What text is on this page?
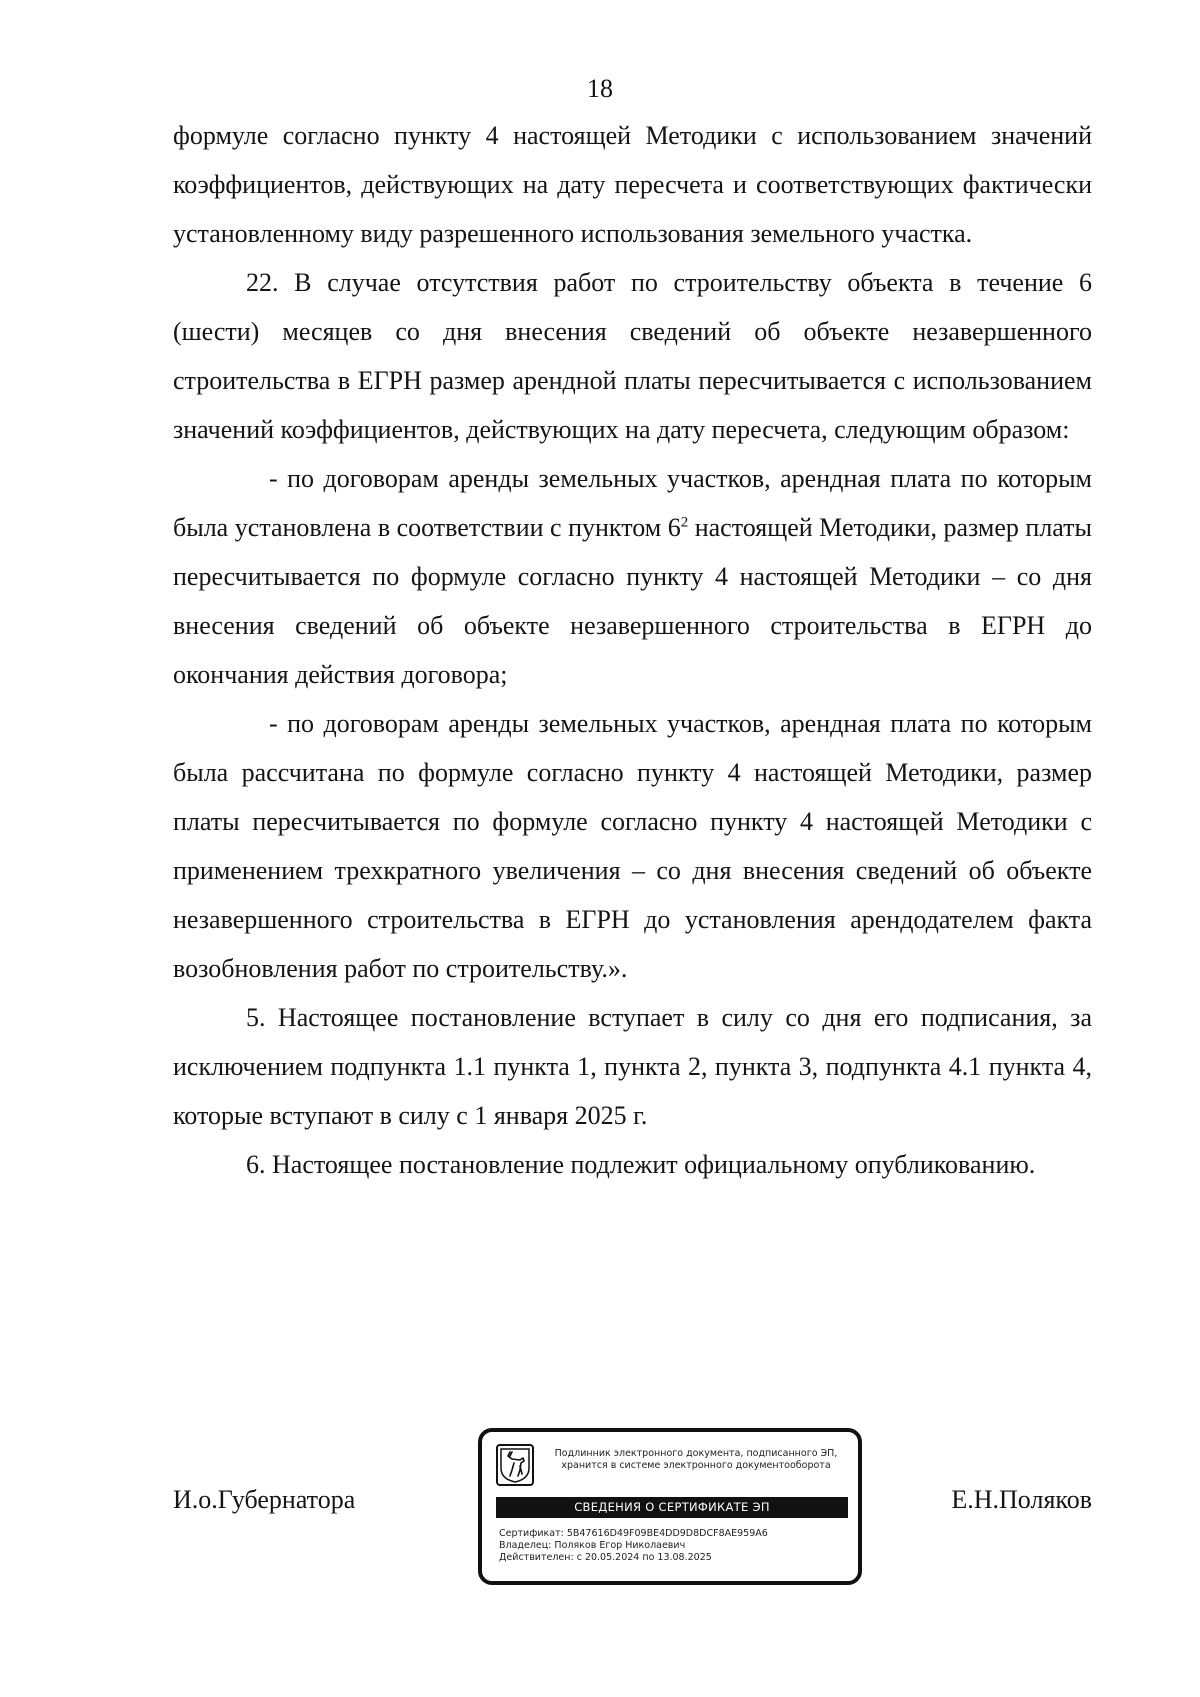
18

формуле согласно пункту 4 настоящей Методики с использованием значений коэффициентов, действующих на дату пересчета и соответствующих фактически установленному виду разрешенного использования земельного участка.

22. В случае отсутствия работ по строительству объекта в течение 6 (шести) месяцев со дня внесения сведений об объекте незавершенного строительства в ЕГРН размер арендной платы пересчитывается с использованием значений коэффициентов, действующих на дату пересчета, следующим образом:

- по договорам аренды земельных участков, арендная плата по которым была установлена в соответствии с пунктом $6^2$ настоящей Методики, размер платы пересчитывается по формуле согласно пункту 4 настоящей Методики – со дня внесения сведений об объекте незавершенного строительства в ЕГРН до окончания действия договора;

- по договорам аренды земельных участков, арендная плата по которым была рассчитана по формуле согласно пункту 4 настоящей Методики, размер платы пересчитывается по формуле согласно пункту 4 настоящей Методики с применением трехкратного увеличения – со дня внесения сведений об объекте незавершенного строительства в ЕГРН до установления арендодателем факта возобновления работ по строительству.».

5. Настоящее постановление вступает в силу со дня его подписания, за исключением подпункта 1.1 пункта 1, пункта 2, пункта 3, подпункта 4.1 пункта 4, которые вступают в силу с 1 января 2025 г.

6. Настоящее постановление подлежит официальному опубликованию.

И.о.Губернатора	Е.Н.Поляков
Подлинник электронного документа, подписанного ЭП,
хранится в системе электронного документооборота
СВЕДЕНИЯ О СЕРТИФИКАТЕ ЭП
Сертификат: 5B47616D49F09BE4DD9D8DCF8AE959A6
Владелец: Поляков Егор Николаевич
Действителен: с 20.05.2024 по 13.08.2025
